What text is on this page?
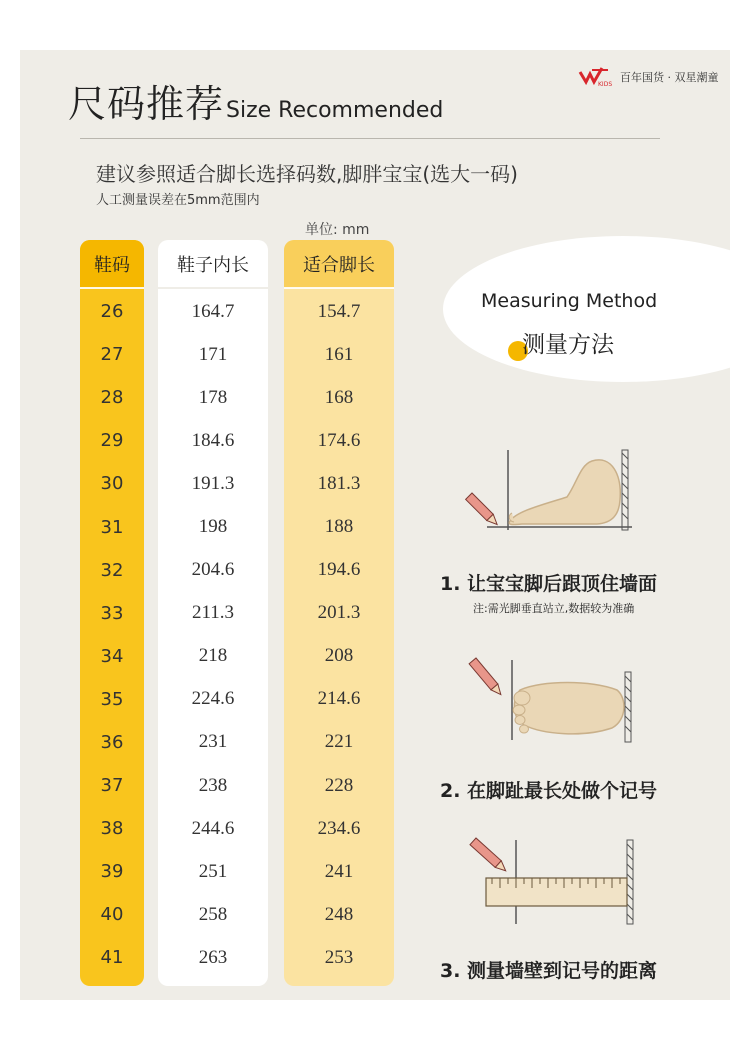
尺码推荐 Size Recommended
KIDS
百年国货 · 双星潮童
建议参照适合脚长选择码数,脚胖宝宝(选大一码)
人工测量误差在5mm范围内
单位: mm
鞋码
26
27
28
29
30
31
32
33
34
35
36
37
38
39
40
41
鞋子内长
164.7
171
178
184.6
191.3
198
204.6
211.3
218
224.6
231
238
244.6
251
258
263
适合脚长
154.7
161
168
174.6
181.3
188
194.6
201.3
208
214.6
221
228
234.6
241
248
253
Measuring Method
测量方法
1. 让宝宝脚后跟顶住墙面
注:需光脚垂直站立,数据较为准确
2. 在脚趾最长处做个记号
3. 测量墙壁到记号的距离
